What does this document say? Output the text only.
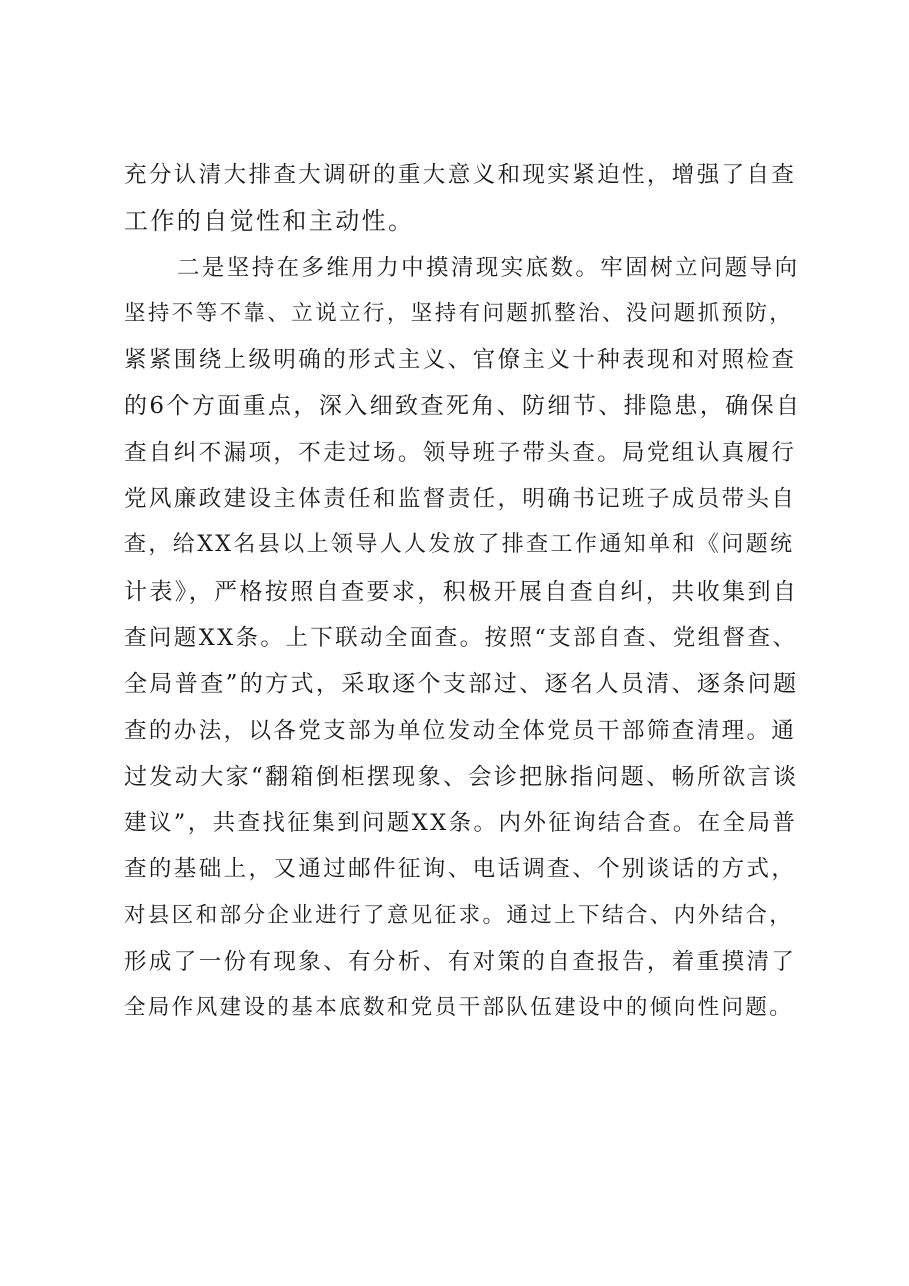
充分认清大排查大调研的重大意义和现实紧迫性，增强了自查
工作的自觉性和主动性。
二是坚持在多维用力中摸清现实底数。牢固树立问题导向
坚持不等不靠、立说立行，坚持有问题抓整治、没问题抓预防，
紧紧围绕上级明确的形式主义、官僚主义十种表现和对照检查
的6个方面重点，深入细致查死角、防细节、排隐患，确保自
查自纠不漏项，不走过场。领导班子带头查。局党组认真履行
党风廉政建设主体责任和监督责任，明确书记班子成员带头自
查，给XX名县以上领导人人发放了排查工作通知单和《问题统
计表》，严格按照自查要求，积极开展自查自纠，共收集到自
查问题XX条。上下联动全面查。按照“支部自查、党组督查、
全局普查”的方式，采取逐个支部过、逐名人员清、逐条问题
查的办法，以各党支部为单位发动全体党员干部筛查清理。通
过发动大家“翻箱倒柜摆现象、会诊把脉指问题、畅所欲言谈
建议”，共查找征集到问题XX条。内外征询结合查。在全局普
查的基础上，又通过邮件征询、电话调查、个别谈话的方式，
对县区和部分企业进行了意见征求。通过上下结合、内外结合，
形成了一份有现象、有分析、有对策的自查报告，着重摸清了
全局作风建设的基本底数和党员干部队伍建设中的倾向性问题。
